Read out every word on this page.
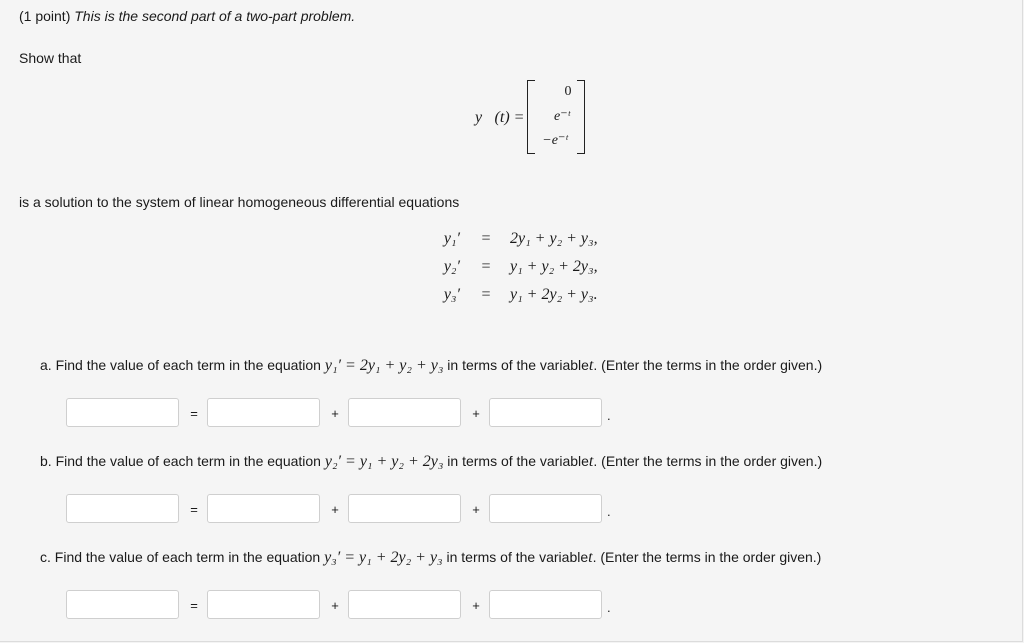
(1 point) This is the second part of a two-part problem.
Show that
y⃗(t) =
0
e⁻ᵗ
−e⁻ᵗ
is a solution to the system of linear homogeneous differential equations
y₁′	=	2y₁ + y₂ + y₃,
y₂′	=	y₁ + y₂ + 2y₃,
y₃′	=	y₁ + 2y₂ + y₃.
a. Find the value of each term in the equation y₁′ = 2y₁ + y₂ + y₃ in terms of the variablet. (Enter the terms in the order given.)
=	+	+	.
b. Find the value of each term in the equation y₂′ = y₁ + y₂ + 2y₃ in terms of the variablet. (Enter the terms in the order given.)
=	+	+	.
c. Find the value of each term in the equation y₃′ = y₁ + 2y₂ + y₃ in terms of the variablet. (Enter the terms in the order given.)
=	+	+	.
